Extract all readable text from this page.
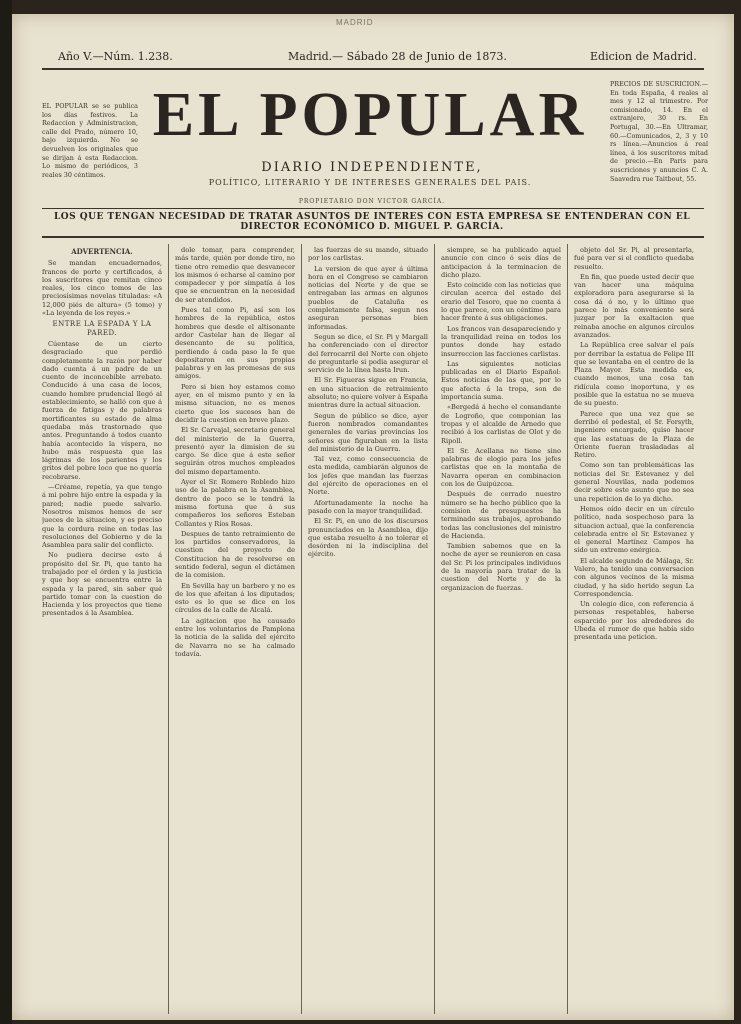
MADRID
Año V.—Núm. 1.238.	Madrid.— Sábado 28 de Junio de 1873.	Edicion de Madrid.
EL POPULAR se se publica los días festivos. La Redaccion y Administracion, calle del Prado, número 10, bajo izquierda. No se devuelven los originales que se dirijan á esta Redaccion. Lo mismo de periódicos, 3 reales 30 céntimos.
PRECIOS DE SUSCRICION.—En toda España, 4 reales al mes y 12 al trimestre. Por comisionado, 14. En el extranjero, 30 rs. En Portugal, 30.—En Ultramar, 60.—Comunicados, 2, 3 y 10 rs línea.—Anuncios á real línea, á los suscritores mitad de precio.—En Paris para suscriciones y anuncios C. A. Saavedra rue Taitbout, 55.
EL POPULAR
DIARIO INDEPENDIENTE,
POLÍTICO, LITERARIO Y DE INTERESES GENERALES DEL PAIS.
PROPIETARIO DON VICTOR GARCÍA.
LOS QUE TENGAN NECESIDAD DE TRATAR ASUNTOS DE INTERES CON ESTA EMPRESA SE ENTENDERAN CON EL DIRECTOR ECONÓMICO D. MIGUEL P. GARCÍA.

ADVERTENCIA.

Se mandan encuadernados, francos de porte y certificados, á los suscritores que remitan cinco reales, los cinco tomos de las preciosísimas novelas tituladas: «A 12,000 piés de altura» (5 tomo) y «La leyenda de los reyes.»

ENTRE LA ESPADA Y LA PARED.

Cúentase de un cierto desgraciado que perdió completamente la razón por haber dado cuenta á un padre de un cuento de inconcebible arrebato. Conducido á una casa de locos, cuando hombre prudencial llegó al establecimiento, se halló con que á fuerza de fatigas y de palabras mortificantes su estado de alma quedaba más trastornado que antes. Preguntando á todos cuanto había acontecido la víspera, no hubo más respuesta que las lágrimas de los parientes y los gritos del pobre loco que no quería recobrarse.

—Créame, repetía, ya que tengo á mi pobre hijo entre la espada y la pared; nadie puede salvarlo. Nosotros mismos hemos de ser jueces de la situacion, y es preciso que la cordura reine en todas las resoluciones del Gobierno y de la Asamblea para salir del conflicto.

No pudiera decirse esto á propósito del Sr. Pi, que tanto ha trabajado por el órden y la justicia y que hoy se encuentra entre la espada y la pared, sin saber qué partido tomar con la cuestion de Hacienda y los proyectos que tiene presentados á la Asamblea.

dole tomar, para comprender, más tarde, quién por donde tiro, no tiene otro remedio que desvanecer los mismos ó echarse al camino por compadecer y por simpatía á los que se encuentran en la necesidad de ser atendidos.

Pues tal como Pi, así son los hombres de la república, estos hombres que desde el altisonante ardor Castelar han de llegar al desencanto de su política, perdiendo á cada paso la fe que depositaron en sus propias palabras y en las promesas de sus amigos.

Pero si bien hoy estamos como ayer, en el mismo punto y en la misma situacion, no es menos cierto que los sucesos han de decidir la cuestion en breve plazo.

El Sr. Carvajal, secretario general del ministerio de la Guerra, presentó ayer la dimision de su cargo. Se dice que á este señor seguirán otros muchos empleados del mismo departamento.

Ayer el Sr. Romero Robledo hizo uso de la palabra en la Asamblea, dentro de poco se le tendrá la misma fortuna que á sus compañeros los señores Esteban Collantes y Ríos Rosas.

Despues de tanto retraimiento de los partidos conservadores, la cuestion del proyecto de Constitucion ha de resolverse en sentido federal, segun el dictámen de la comision.

En Sevilla hay un barbero y no es de los que afeitan á los diputados; esto es lo que se dice en los círculos de la calle de Alcalá.

La agitacion que ha causado entre los voluntarios de Pamplona la noticia de la salida del ejército de Navarra no se ha calmado todavía.

las fuerzas de su mando, situado por los carlistas.

La version de que ayer á última hora en el Congreso se cambiaron noticias del Norte y de que se entregaban las armas en algunos pueblos de Cataluña es completamente falsa, segun nos aseguran personas bien informadas.

Segun se dice, el Sr. Pi y Margall ha conferenciado con el director del ferrocarril del Norte con objeto de preguntarle si podia asegurar el servicio de la línea hasta Irun.

El Sr. Figueras sigue en Francia, en una situacion de retraimiento absoluto; no quiere volver á España mientras dure la actual situacion.

Segun de público se dice, ayer fueron nombrados comandantes generales de varias provincias los señores que figuraban en la lista del ministerio de la Guerra.

Tal vez, como consecuencia de esta medida, cambiarán algunos de los jefes que mandan las fuerzas del ejército de operaciones en el Norte.

Afortunadamente la noche ha pasado con la mayor tranquilidad.

El Sr. Pi, en uno de los discursos pronunciados en la Asamblea, dijo que estaba resuelto á no tolerar el desórden ni la indisciplina del ejército.

siempre, se ha publicado aquel anuncio con cinco ó seis días de anticipacion á la terminacion de dicho plazo.

Esto coincide con las noticias que circulan acerca del estado del erario del Tesoro, que no cuenta á lo que parece, con un céntimo para hacer frente á sus obligaciones.

Los francos van desapareciendo y la tranquilidad reina en todos los puntos donde hay estado insurreccion las facciones carlistas.

Las siguientes noticias publicadas en el Diario Español: Estos noticias de las que, por lo que afecta á la tropa, son de importancia suma.

«Bergedá á hecho el comandante de Logroño, que componian las tropas y el alcalde de Arnedo que recibió á los carlistas de Olot y de Ripoll.

El Sr. Acellana no tiene sino palabras de elogio para los jefes carlistas que en la montaña de Navarra operan en combinacion con los de Guipúzcoa.

Después de cerrado nuestro número se ha hecho público que la comision de presupuestos ha terminado sus trabajos, aprobando todas las conclusiones del ministro de Hacienda.

Tambien sabemos que en la noche de ayer se reunieron en casa del Sr. Pi los principales individuos de la mayoría para tratar de la cuestion del Norte y de la organizacion de fuerzas.

objeto del Sr. Pi, al presentarla, fué para ver si el conflicto quedaba resuelto.

En fin, que puede usted decir que van hacer una máquina exploradora para asegurarse si la cosa dá ó no, y lo último que parece lo más conveniente será juzgar por la exaltacion que reinaba anoche en algunos círculos avanzados.

La República cree salvar el país por derribar la estatua de Felipe III que se levantaba en el centro de la Plaza Mayor. Esta medida es, cuando menos, una cosa tan ridícula como inoportuna, y es posible que la estatua no se mueva de su puesto.

Parece que una vez que se derribó el pedestal, el Sr. Forsyth, ingeniero encargado, quiso hacer que las estatuas de la Plaza de Oriente fueran trasladadas al Retiro.

Como son tan problemáticas las noticias del Sr. Estevanez y del general Nouvilas, nada podemos decir sobre este asunto que no sea una repeticion de lo ya dicho.

Hemos oído decir en un círculo político, nada sospechoso para la situacion actual, que la conferencia celebrada entre el Sr. Estevanez y el general Martínez Campos ha sido un extremo enérgica.

El alcalde segundo de Málaga, Sr. Valero, ha tenido una conversacion con algunos vecinos de la misma ciudad, y ha sido herido segun La Correspondencia.

Un colegio dice, con referencia á personas respetables, haberse esparcido por los alrededores de Ubeda el rumor de que había sido presentada una peticion.
